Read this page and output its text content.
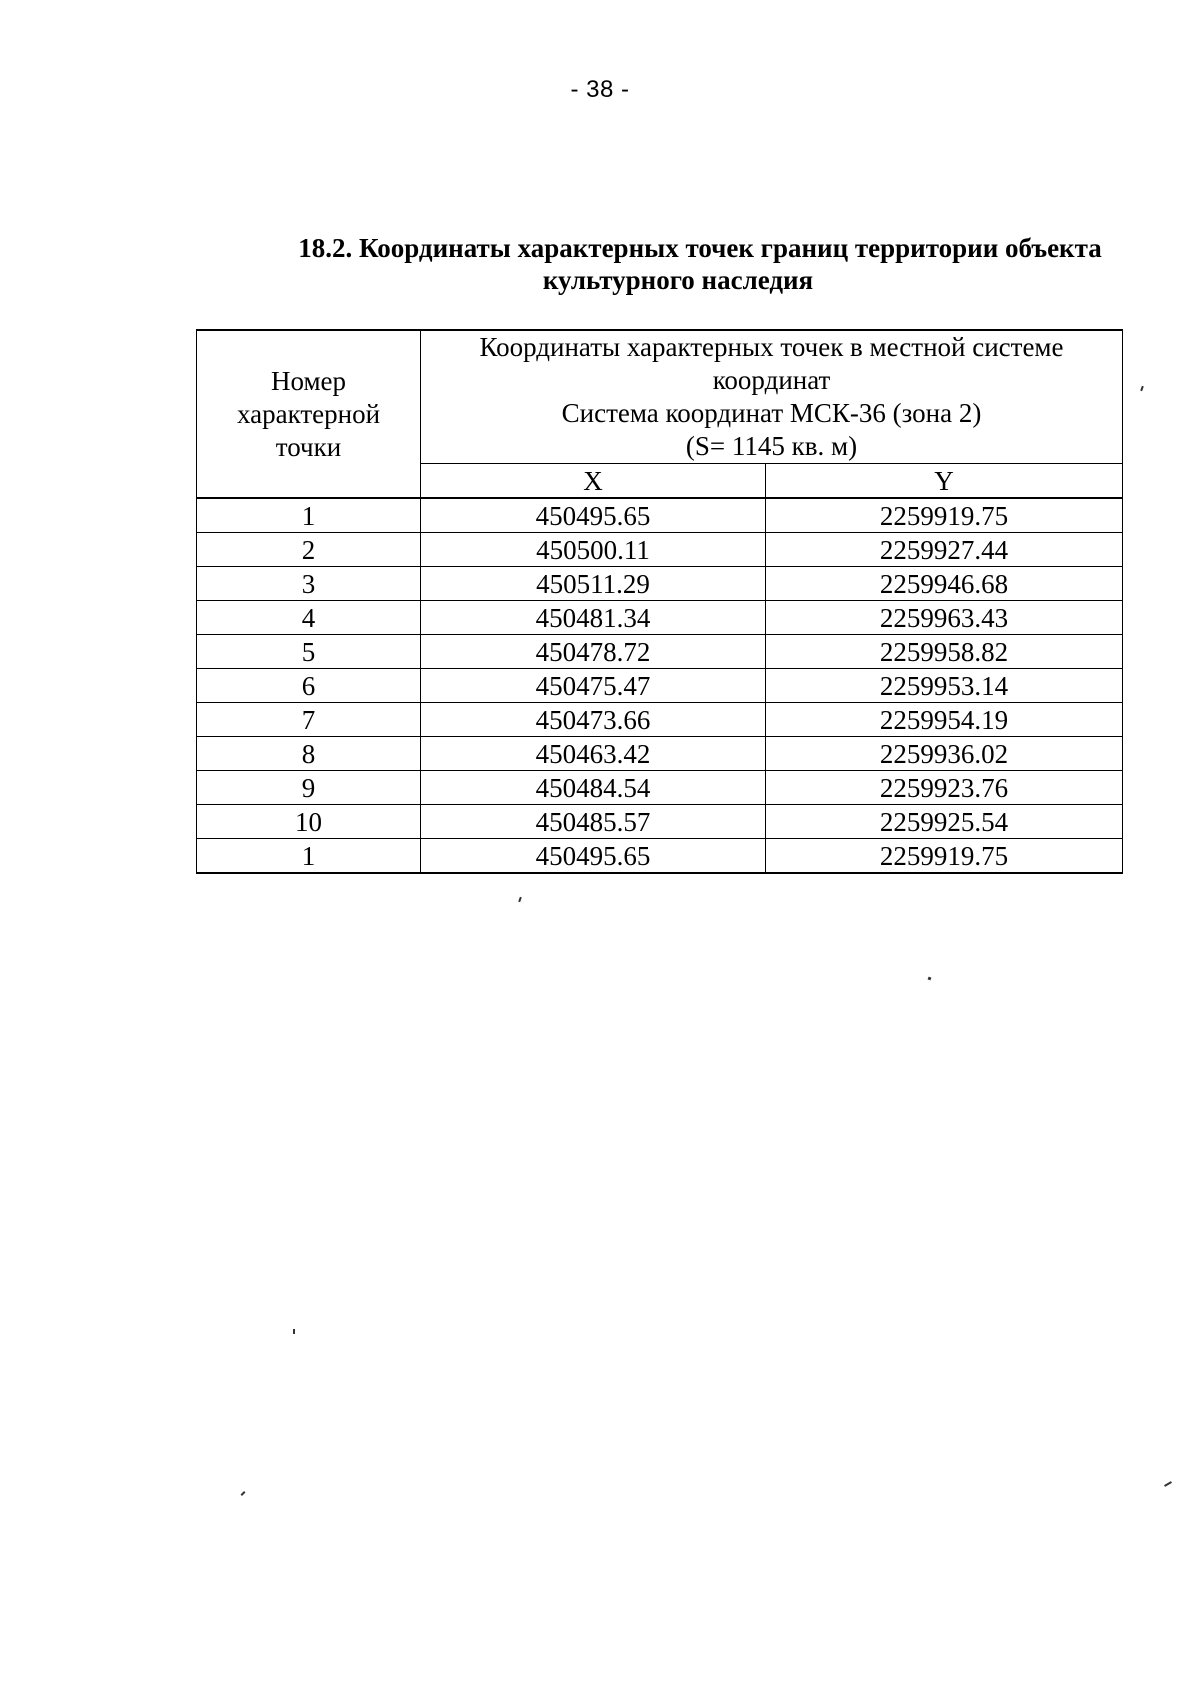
- 38 -
18.2. Координаты характерных точек границ территории объекта
культурного наследия
Номер характерной точки	Координаты характерных точек в местной системе координат
Система координат МСК-36 (зона 2)
(S= 1145 кв. м)	

	X	Y
1	450495.65	2259919.75
2	450500.11	2259927.44
3	450511.29	2259946.68
4	450481.34	2259963.43
5	450478.72	2259958.82
6	450475.47	2259953.14
7	450473.66	2259954.19
8	450463.42	2259936.02
9	450484.54	2259923.76
10	450485.57	2259925.54
1	450495.65	2259919.75
